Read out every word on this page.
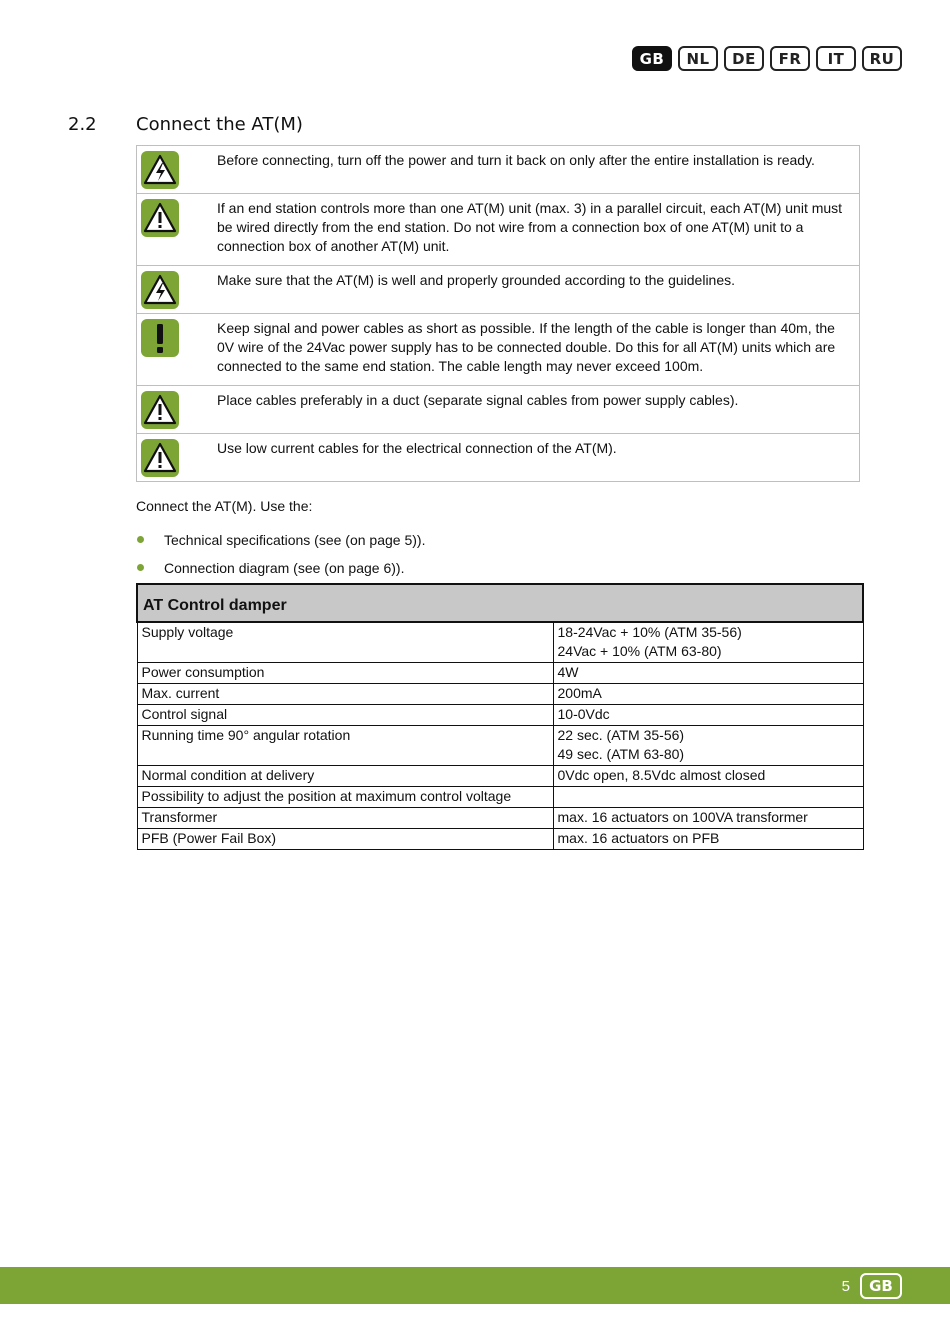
GB	NL	DE	FR	IT	RU
2.2 Connect the AT(M)
	Before connecting, turn off the power and turn it back on only after the entire installation is ready.

	If an end station controls more than one AT(M) unit (max. 3) in a parallel circuit, each AT(M) unit must be wired directly from the end station. Do not wire from a connection box of one AT(M) unit to a connection box of another AT(M) unit.

	Make sure that the AT(M) is well and properly grounded according to the guidelines.

	Keep signal and power cables as short as possible. If the length of the cable is longer than 40m, the 0V wire of the 24Vac power supply has to be connected double. Do this for all AT(M) units which are connected to the same end station. The cable length may never exceed 100m.

	Place cables preferably in a duct (separate signal cables from power supply cables).

	Use low current cables for the electrical connection of the AT(M).
Connect the AT(M). Use the:
Technical specifications (see (on page 5)).
Connection diagram (see (on page 6)).
AT Control damper	
Supply voltage	18-24Vac + 10% (ATM 35-56)
24Vac + 10% (ATM 63-80)
Power consumption	4W
Max. current	200mA
Control signal	10-0Vdc
Running time 90° angular rotation	22 sec. (ATM 35-56)
49 sec. (ATM 63-80)
Normal condition at delivery	0Vdc open, 8.5Vdc almost closed
Possibility to adjust the position at maximum control voltage	
Transformer	max. 16 actuators on 100VA transformer
PFB (Power Fail Box)	max. 16 actuators on PFB
5	GB
